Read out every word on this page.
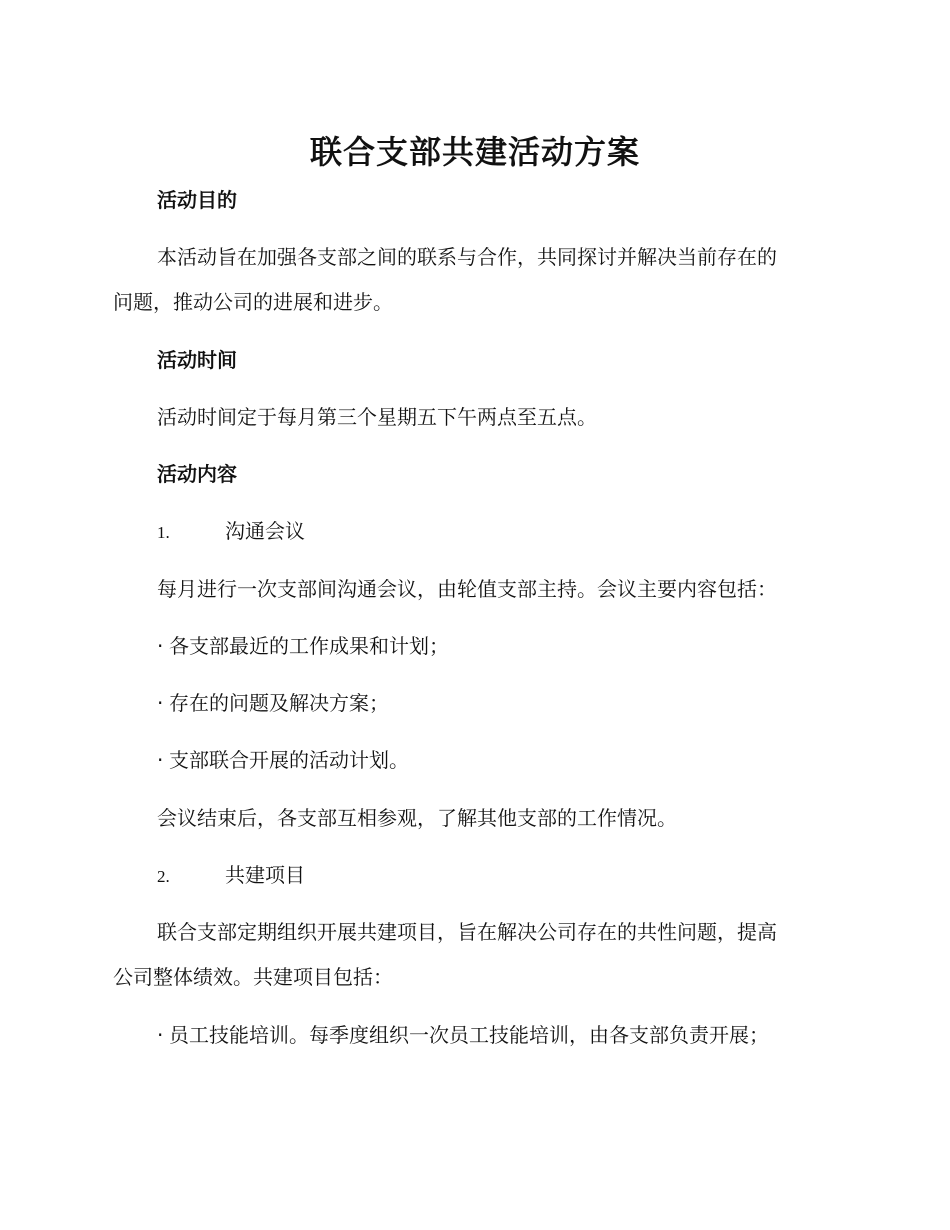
联合支部共建活动方案
活动目的
本活动旨在加强各支部之间的联系与合作，共同探讨并解决当前存在的
问题，推动公司的进展和进步。
活动时间
活动时间定于每月第三个星期五下午两点至五点。
活动内容
1.	沟通会议
每月进行一次支部间沟通会议，由轮值支部主持。会议主要内容包括：
· 各支部最近的工作成果和计划；
· 存在的问题及解决方案；
· 支部联合开展的活动计划。
会议结束后，各支部互相参观，了解其他支部的工作情况。
2.	共建项目
联合支部定期组织开展共建项目，旨在解决公司存在的共性问题，提高
公司整体绩效。共建项目包括：
· 员工技能培训。每季度组织一次员工技能培训，由各支部负责开展；
